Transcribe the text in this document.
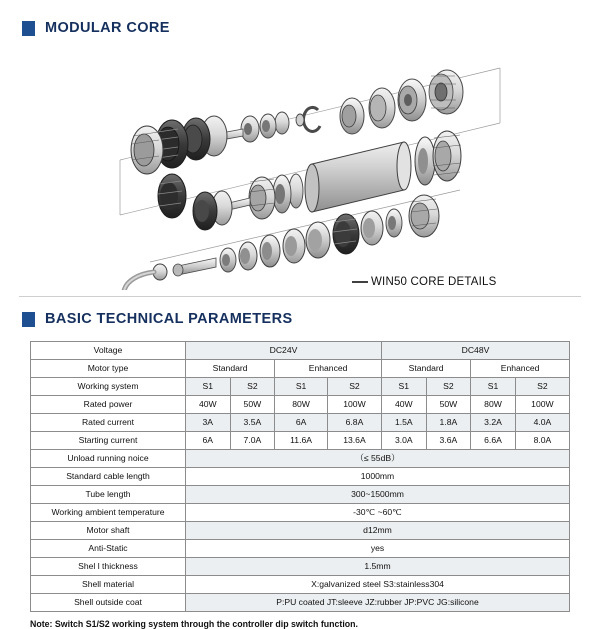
MODULAR CORE
WIN50 CORE DETAILS
BASIC TECHNICAL PARAMETERS
Voltage	DC24V				DC48V			
Motor type	Standard		Enhanced		Standard		Enhanced	
Working system	S1	S2	S1	S2	S1	S2	S1	S2
Rated power	40W	50W	80W	100W	40W	50W	80W	100W
Rated current	3A	3.5A	6A	6.8A	1.5A	1.8A	3.2A	4.0A
Starting current	6A	7.0A	11.6A	13.6A	3.0A	3.6A	6.6A	8.0A
Unload running noice	（≤ 55dB）							
Standard cable length	1000mm							
Tube length	300~1500mm							
Working ambient temperature	-30℃ ~60℃							
Motor shaft	d12mm							
Anti-Static	yes							
Shel l thickness	1.5mm							
Shell material	X:galvanized steel S3:stainless304							
Shell outside coat	P:PU coated JT:sleeve JZ:rubber JP:PVC JG:silicone							
Note: Switch S1/S2 working system through the controller dip switch function.
